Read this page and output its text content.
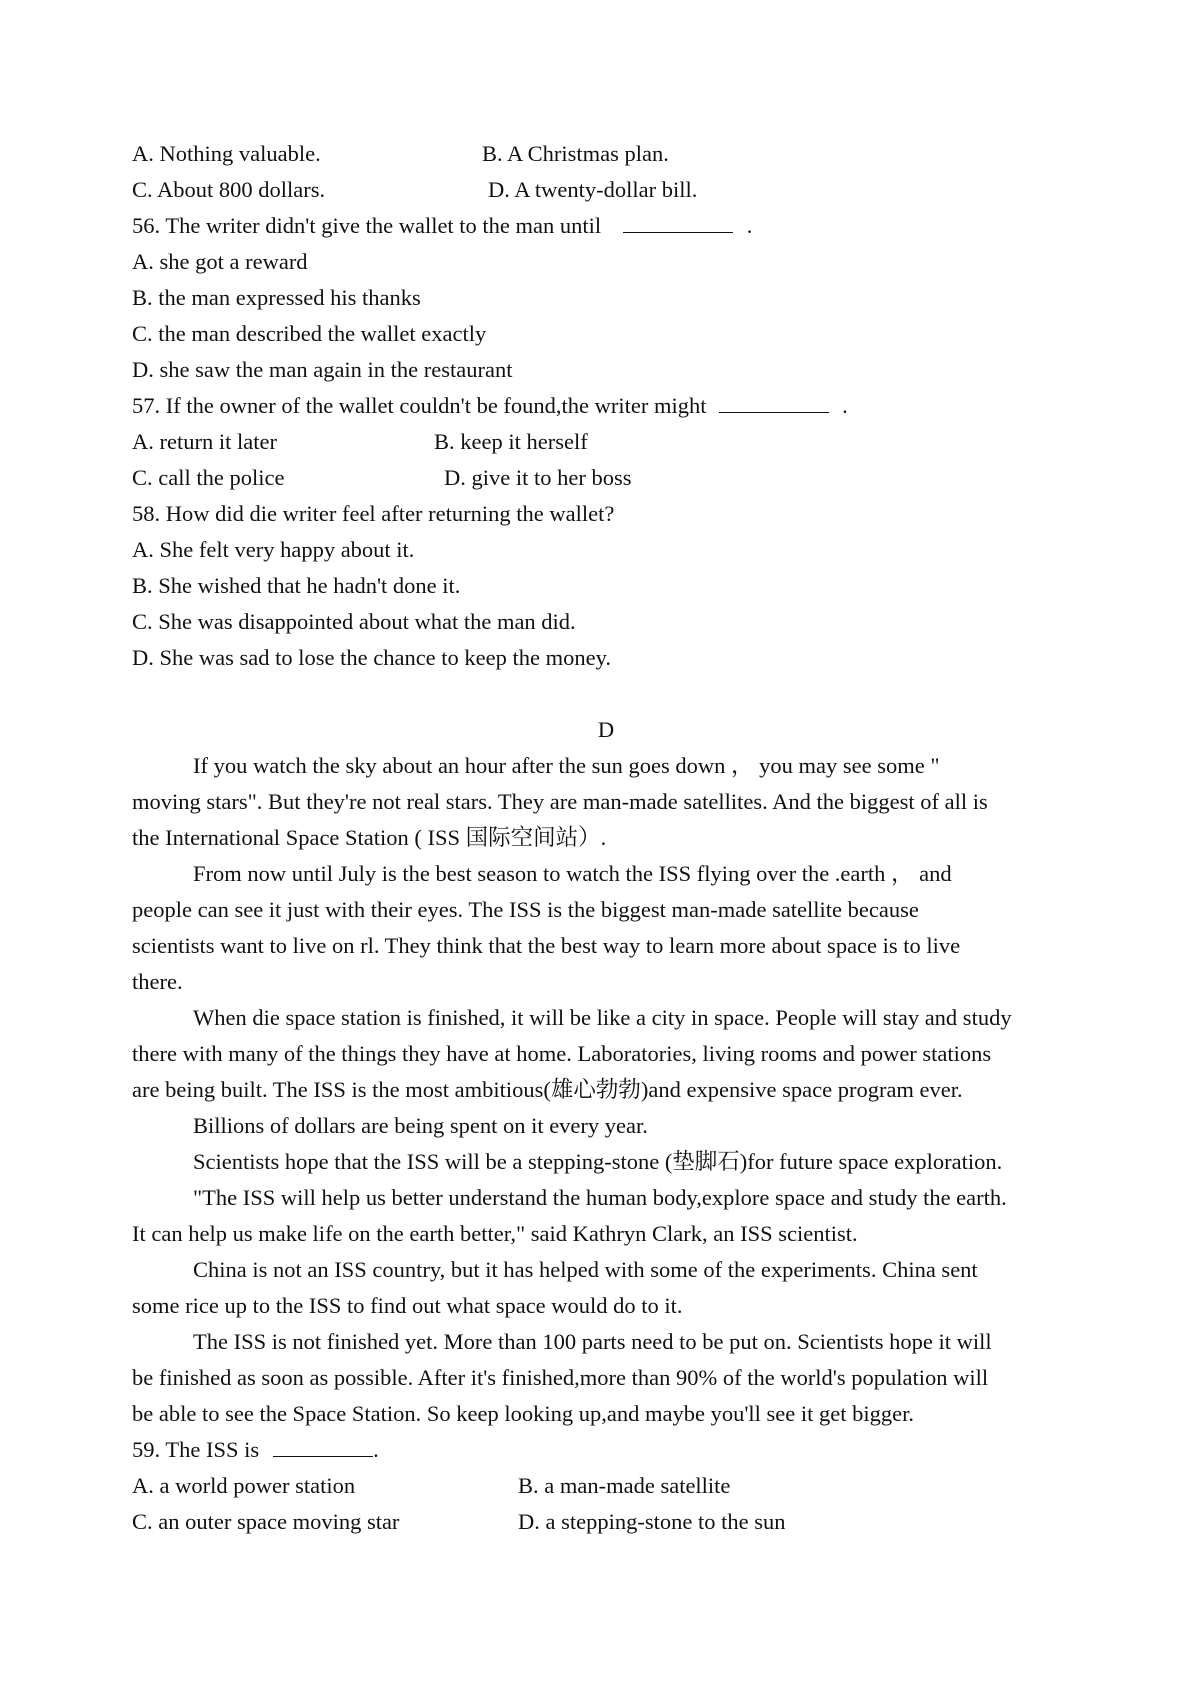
A. Nothing valuable.	B. A Christmas plan.
C. About 800 dollars.	D. A twenty-dollar bill.
56. The writer didn't give the wallet to the man until	.
A. she got a reward
B. the man expressed his thanks
C. the man described the wallet exactly
D. she saw the man again in the restaurant
57. If the owner of the wallet couldn't be found,the writer might	.
A. return it later	B. keep it herself
C. call the police	D. give it to her boss
58. How did die writer feel after returning the wallet?
A. She felt very happy about it.
B. She wished that he hadn't done it.
C. She was disappointed about what the man did.
D. She was sad to lose the chance to keep the money.
D
If you watch the sky about an hour after the sun goes down ， you may see some "
moving stars". But they're not real stars. They are man-made satellites. And the biggest of all is
the International Space Station ( ISS 国际空间站）.
From now until July is the best season to watch the ISS flying over the .earth ， and
people can see it just with their eyes. The ISS is the biggest man-made satellite because
scientists want to live on rl. They think that the best way to learn more about space is to live
there.
When die space station is finished, it will be like a city in space. People will stay and study
there with many of the things they have at home. Laboratories, living rooms and power stations
are being built. The ISS is the most ambitious(雄心勃勃)and expensive space program ever.
Billions of dollars are being spent on it every year.
Scientists hope that the ISS will be a stepping-stone (垫脚石)for future space exploration.
"The ISS will help us better understand the human body,explore space and study the earth.
It can help us make life on the earth better," said Kathryn Clark, an ISS scientist.
China is not an ISS country, but it has helped with some of the experiments. China sent
some rice up to the ISS to find out what space would do to it.
The ISS is not finished yet. More than 100 parts need to be put on. Scientists hope it will
be finished as soon as possible. After it's finished,more than 90% of the world's population will
be able to see the Space Station. So keep looking up,and maybe you'll see it get bigger.
59. The ISS is	.
A. a world power station	B. a man-made satellite
C. an outer space moving star	D. a stepping-stone to the sun
